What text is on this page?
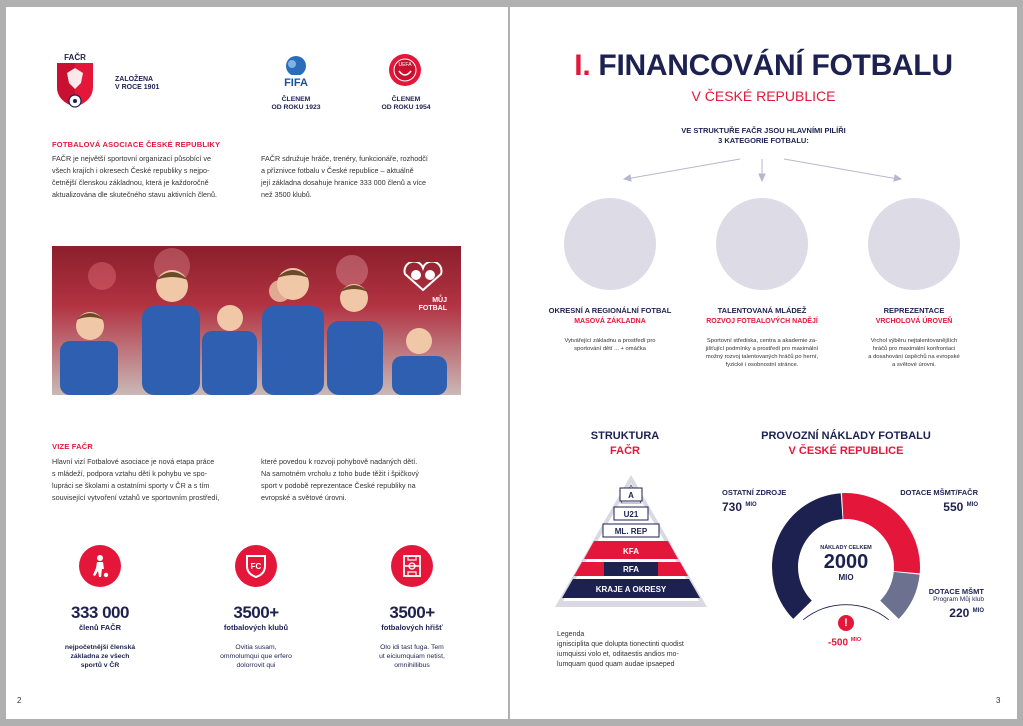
FAČR
ZALOŽENA
V ROCE 1901	FIFA
ČLENEM
OD ROKU 1923
UEFA
ČLENEM
OD ROKU 1954
FOTBALOVÁ ASOCIACE ČESKÉ REPUBLIKY
FAČR je největší sportovní organizací působící ve
všech krajích i okresech České republiky s nejpo-
četnější členskou základnou, která je každoročně
aktualizována dle skutečného stavu aktivních členů.
FAČR sdružuje hráče, trenéry, funkcionáře, rozhodčí
a příznivce fotbalu v České republice – aktuálně
její základna dosahuje hranice 333 000 členů a více
než 3500 klubů.
MŮJ
FOTBAL
VIZE FAČR
Hlavní vizí Fotbalové asociace je nová etapa práce
s mládeží, podpora vztahu dětí k pohybu ve spo-
lupráci se školami a ostatními sporty v ČR a s tím
související vytvoření vztahů ve sportovním prostředí,
které povedou k rozvoji pohybově nadaných dětí.
Na samotném vrcholu z toho bude těžit i špičkový
sport v podobě reprezentace České republiky na
evropské a světové úrovni.
333 000
členů FAČR
nejpočetnější členská
základna ze všech
sportů v ČR
FC
3500+
fotbalových klubů
Ovitia susam,
ommolumqui que erfero
dolorrovit qui
3500+
fotbalových hřišť
Olo idi tast fuga. Tem
ut eiciumquiam netist,
omnihillibus
2
I. FINANCOVÁNÍ FOTBALU
V ČESKÉ REPUBLICE
VE STRUKTUŘE FAČR JSOU HLAVNÍMI PILÍŘI
3 KATEGORIE FOTBALU:
OKRESNÍ A REGIONÁLNÍ FOTBAL
MASOVÁ ZÁKLADNA
Vytvářející základnu a prostředí pro
sportování dětí ... + omáčka
TALENTOVANÁ MLÁDEŽ
ROZVOJ FOTBALOVÝCH NADĚJÍ
Sportovní střediska, centra a akademie za-
jišťující podmínky a prostředí pro maximální
možný rozvoj talentovaných hráčů po herní,
fyzické i osobnostní stránce.
REPREZENTACE
VRCHOLOVÁ ÚROVEŇ
Vrchol výběru nejtalentovanějších
hráčů pro maximální konfrontaci
a dosahování úspěchů na evropské
a světové úrovni.
STRUKTURA
FAČR
A
U21
ML. REP
KFA
RFA
KRAJE A OKRESY
Legenda
ignisciplita que dolupta tionectinti quodist
iumquissi volo et, oditaestis andios mo-
lumquam quod quam audae ipsaeped
PROVOZNÍ NÁKLADY FOTBALU
V ČESKÉ REPUBLICE
OSTATNÍ ZDROJE
730 $^{MIO}$
DOTACE MŠMT/FAČR
550 $^{MIO}$
DOTACE MŠMT
Program Můj klub
220 $^{MIO}$
NÁKLADY CELKEM
2000
MIO
!
-500 $^{MIO}$
3
